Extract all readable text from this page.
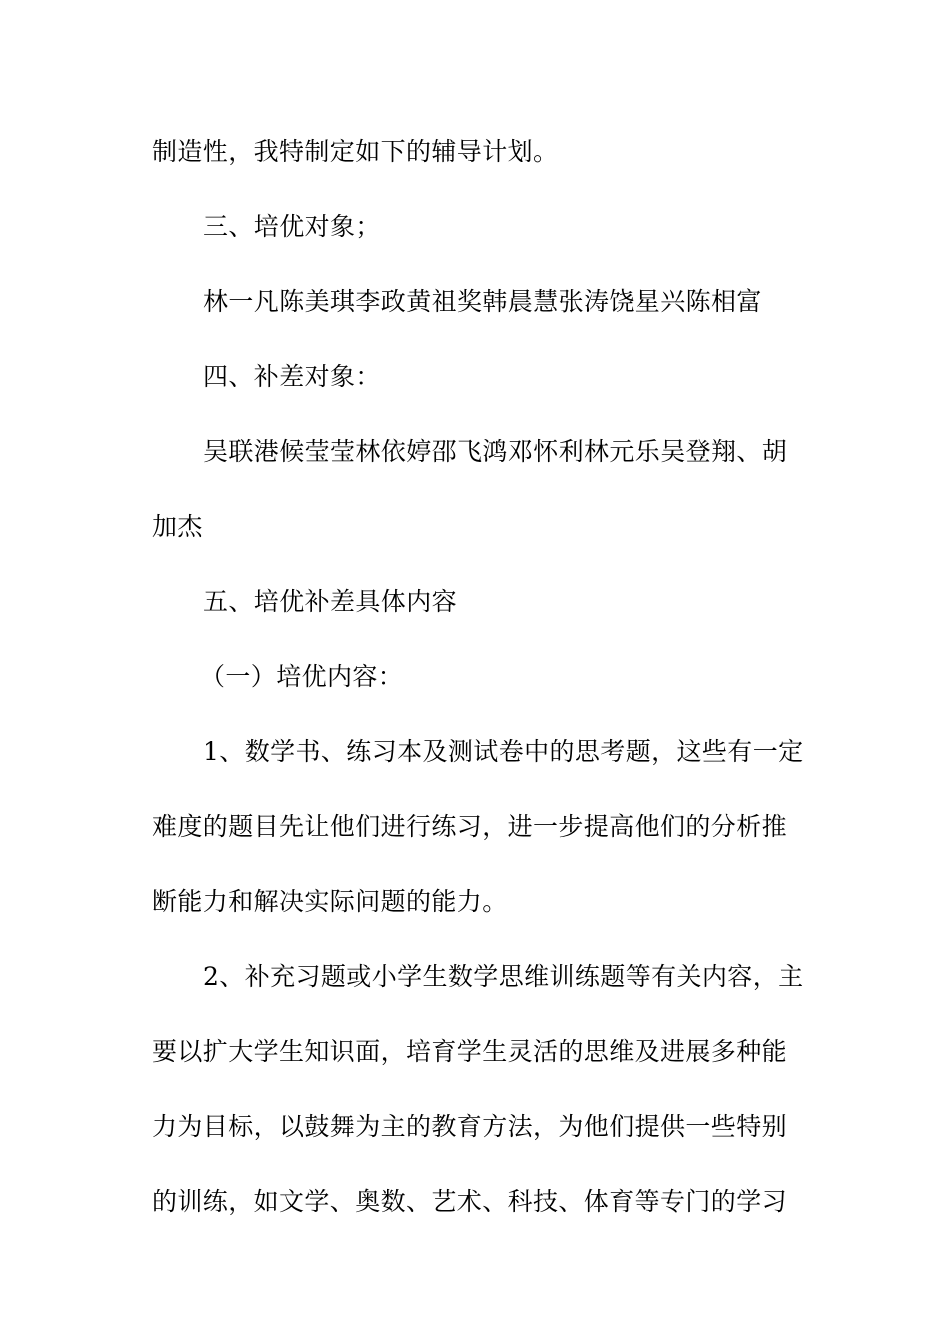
制造性，我特制定如下的辅导计划。
三、培优对象；
林一凡陈美琪李政黄祖奖韩晨慧张涛饶星兴陈相富
四、补差对象：
吴联港候莹莹林依婷邵飞鸿邓怀利林元乐吴登翔、胡
加杰
五、培优补差具体内容
（一）培优内容：
1、数学书、练习本及测试卷中的思考题，这些有一定
难度的题目先让他们进行练习，进一步提高他们的分析推
断能力和解决实际问题的能力。
2、补充习题或小学生数学思维训练题等有关内容，主
要以扩大学生知识面，培育学生灵活的思维及进展多种能
力为目标，以鼓舞为主的教育方法，为他们提供一些特别
的训练，如文学、奥数、艺术、科技、体育等专门的学习
